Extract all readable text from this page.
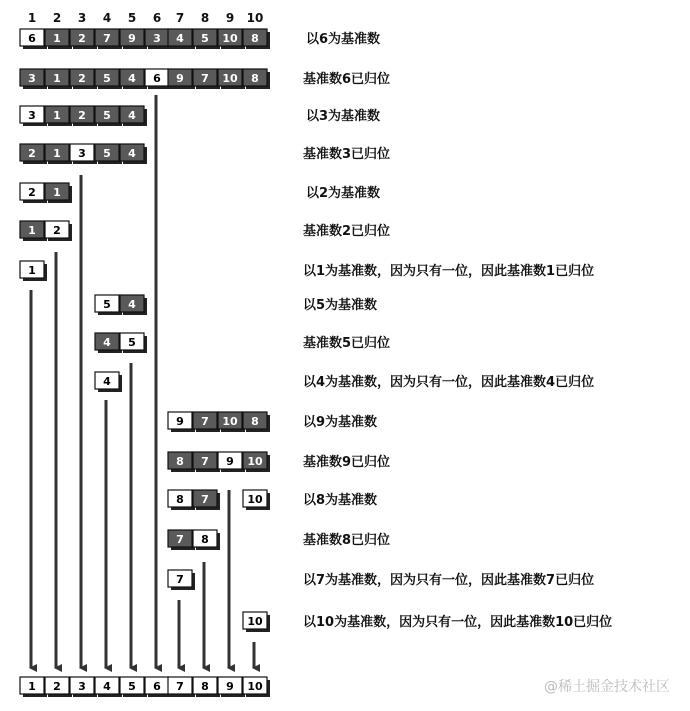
6 1 2 7 9 3 4 5 10 8
3 1 2 5 4 6 9 7 10 8
3 1 2 5 4
2 1 3 5 4
2 1
1 2
1
5 4
4 5
4
9 7 10 8
8 7 9 10
8 7	10
7 8
7
10
1 2 3 4 5 6 7 8 9 10
1 2 3 4 5 6 7 8 9 10
以6为基准数
基准数6已归位
以3为基准数
基准数3已归位
以2为基准数
基准数2已归位
以1为基准数，因为只有一位，因此基准数1已归位
以5为基准数
基准数5已归位
以4为基准数，因为只有一位，因此基准数4已归位
以9为基准数
基准数9已归位
以8为基准数
基准数8已归位
以7为基准数，因为只有一位，因此基准数7已归位
以10为基准数，因为只有一位，因此基准数10已归位
@稀土掘金技术社区
